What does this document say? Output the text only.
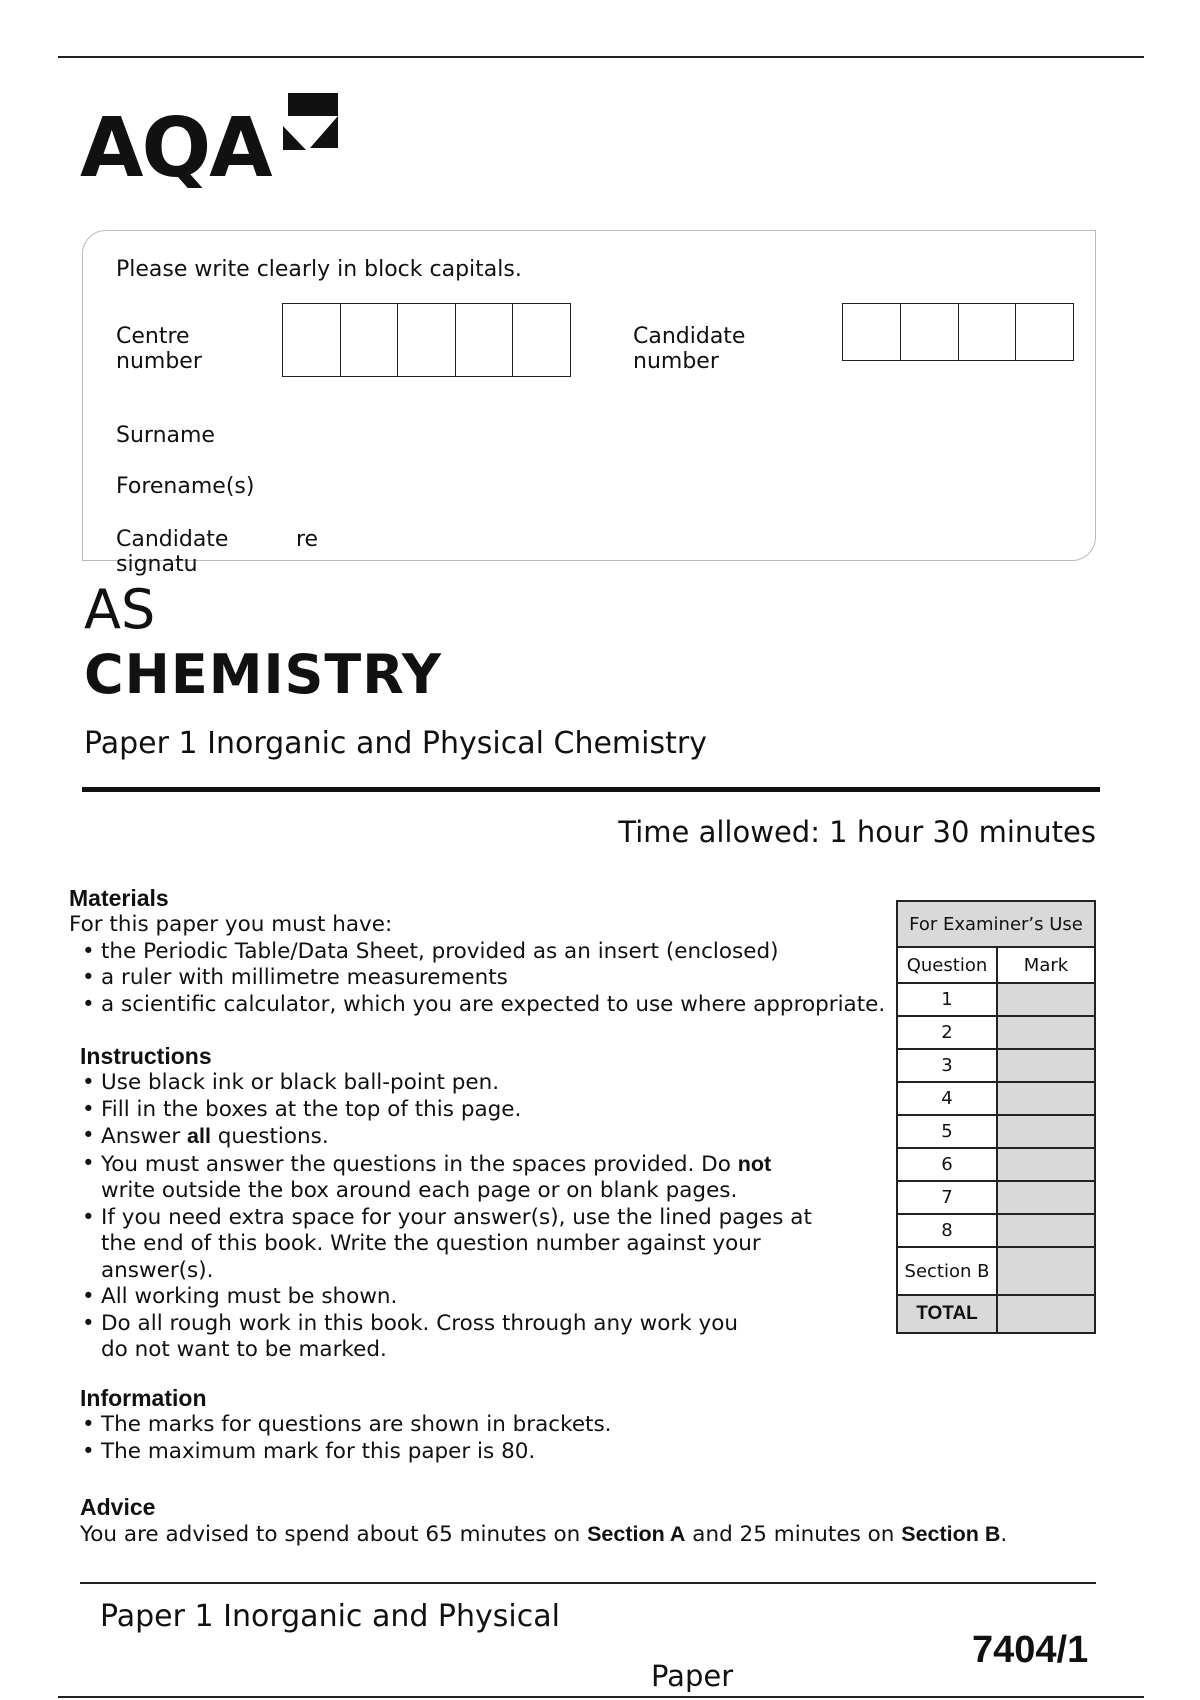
AQA
Please write clearly in block capitals.
Centre number
Candidate number
Surname
Forename(s)
Candidate signatu
re
AS
CHEMISTRY
Paper 1 Inorganic and Physical Chemistry
Time allowed: 1 hour 30 minutes
Materials
For this paper you must have:
• the Periodic Table/Data Sheet, provided as an insert (enclosed)
• a ruler with millimetre measurements
• a scientific calculator, which you are expected to use where appropriate.
Instructions
• Use black ink or black ball-point pen.
• Fill in the boxes at the top of this page.
• Answer all questions.
• You must answer the questions in the spaces provided. Do not write outside the box around each page or on blank pages.
• If you need extra space for your answer(s), use the lined pages at the end of this book. Write the question number against your answer(s).
• All working must be shown.
• Do all rough work in this book. Cross through any work you do not want to be marked.
Information
• The marks for questions are shown in brackets.
• The maximum mark for this paper is 80.
Advice
You are advised to spend about 65 minutes on Section A and 25 minutes on Section B.
For Examiner’s Use	
Question	Mark
1	
2	
3	
4	
5	
6	
7	
8	
Section B	
TOTAL	
Paper 1 Inorganic and Physical
Paper
7404/1
